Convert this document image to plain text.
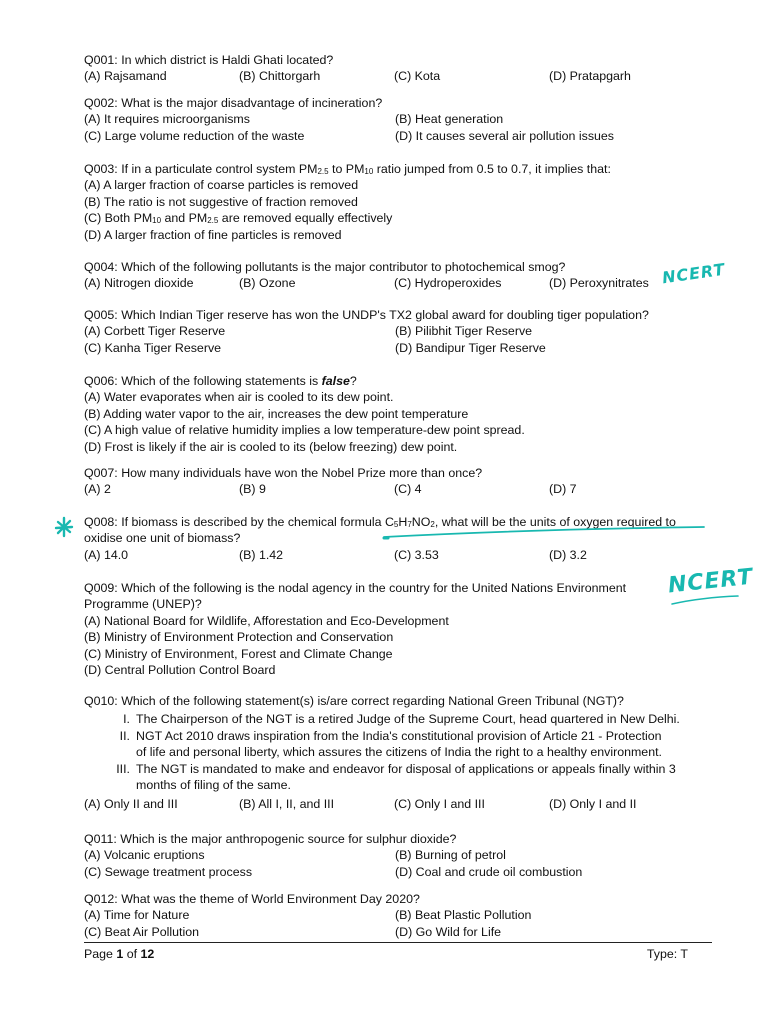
Q001: In which district is Haldi Ghati located?
(A) Rajsamand	(B) Chittorgarh	(C) Kota	(D) Pratapgarh
Q002: What is the major disadvantage of incineration?
(A) It requires microorganisms	(B) Heat generation
(C) Large volume reduction of the waste	(D) It causes several air pollution issues
Q003: If in a particulate control system PM2.5 to PM10 ratio jumped from 0.5 to 0.7, it implies that:
(A) A larger fraction of coarse particles is removed
(B) The ratio is not suggestive of fraction removed
(C) Both PM10 and PM2.5 are removed equally effectively
(D) A larger fraction of fine particles is removed
Q004: Which of the following pollutants is the major contributor to photochemical smog?
(A) Nitrogen dioxide	(B) Ozone	(C) Hydroperoxides	(D) Peroxynitrates
Q005: Which Indian Tiger reserve has won the UNDP's TX2 global award for doubling tiger population?
(A) Corbett Tiger Reserve	(B) Pilibhit Tiger Reserve
(C) Kanha Tiger Reserve	(D) Bandipur Tiger Reserve
Q006: Which of the following statements is false?
(A) Water evaporates when air is cooled to its dew point.
(B) Adding water vapor to the air, increases the dew point temperature
(C) A high value of relative humidity implies a low temperature-dew point spread.
(D) Frost is likely if the air is cooled to its (below freezing) dew point.
Q007: How many individuals have won the Nobel Prize more than once?
(A) 2	(B) 9	(C) 4	(D) 7
Q008: If biomass is described by the chemical formula C5H7NO2, what will be the units of oxygen required to
oxidise one unit of biomass?
(A) 14.0	(B) 1.42	(C) 3.53	(D) 3.2
Q009: Which of the following is the nodal agency in the country for the United Nations Environment
Programme (UNEP)?
(A) National Board for Wildlife, Afforestation and Eco-Development
(B) Ministry of Environment Protection and Conservation
(C) Ministry of Environment, Forest and Climate Change
(D) Central Pollution Control Board
Q010: Which of the following statement(s) is/are correct regarding National Green Tribunal (NGT)?
I. The Chairperson of the NGT is a retired Judge of the Supreme Court, head quartered in New Delhi.
II. NGT Act 2010 draws inspiration from the India's constitutional provision of Article 21 - Protection
of life and personal liberty, which assures the citizens of India the right to a healthy environment.
III. The NGT is mandated to make and endeavor for disposal of applications or appeals finally within 3
months of filing of the same.
(A) Only II and III	(B) All I, II, and III	(C) Only I and III	(D) Only I and II
Q011: Which is the major anthropogenic source for sulphur dioxide?
(A) Volcanic eruptions	(B) Burning of petrol
(C) Sewage treatment process	(D) Coal and crude oil combustion
Q012: What was the theme of World Environment Day 2020?
(A) Time for Nature	(B) Beat Plastic Pollution
(C) Beat Air Pollution	(D) Go Wild for Life
Page 1 of 12	Type: T
NCERT
NCERT
